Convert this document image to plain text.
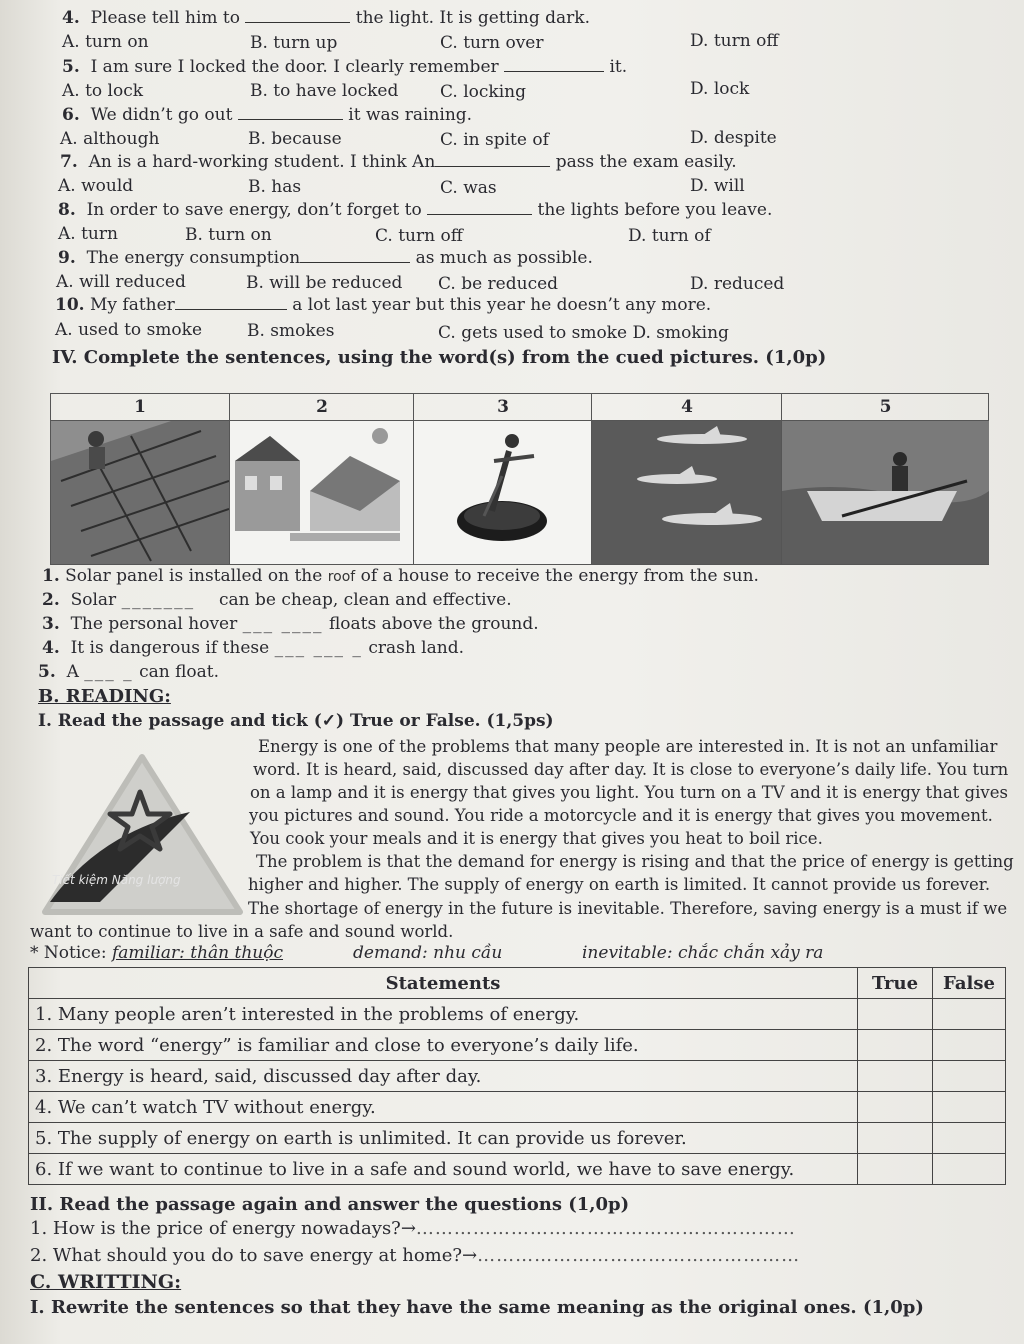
4. Please tell him to	the light. It is getting dark.
A. turn on	B. turn up	C. turn over	D. turn off
5. I am sure I locked the door. I clearly remember	it.
A. to lock	B. to have locked C. locking	D. lock
6. We didn’t go out	it was raining.
A. although	B. because	C. in spite of	D. despite
7. An is a hard-working student. I think An	pass the exam easily.
A. would	B. has	C. was	D. will
8. In order to save energy, don’t forget to	the lights before you leave.
A. turn	B. turn on	C. turn off	D. turn of
9. The energy consumption	as much as possible.
A. will reduced	B. will be reduced C. be reduced	D. reduced
10. My father	a lot last year but this year he doesn’t any more.
A. used to smoke	B. smokes	C. gets used to smoke D. smoking
IV. Complete the sentences, using the word(s) from the cued pictures. (1,0p)
1	2	3	4	5
1. Solar panel is installed on the roof of a house to receive the energy from the sun.
2. Solar _______ can be cheap, clean and effective.
3. The personal hover ___ ____ floats above the ground.
4. It is dangerous if these ___ ___ _ crash land.
5. A ___ _ can float.
B. READING:
I. Read the passage and tick (✓) True or False. (1,5ps)
Tiết kiệm Năng lượng
Energy is one of the problems that many people are interested in. It is not an unfamiliar
word. It is heard, said, discussed day after day. It is close to everyone’s daily life. You turn
on a lamp and it is energy that gives you light. You turn on a TV and it is energy that gives
you pictures and sound. You ride a motorcycle and it is energy that gives you movement.
You cook your meals and it is energy that gives you heat to boil rice.
The problem is that the demand for energy is rising and that the price of energy is getting
higher and higher. The supply of energy on earth is limited. It cannot provide us forever.
The shortage of energy in the future is inevitable. Therefore, saving energy is a must if we
want to continue to live in a safe and sound world.
* Notice: familiar: thân thuộc	demand: nhu cầu	inevitable: chắc chắn xảy ra
Statements	True	False
1. Many people aren’t interested in the problems of energy.		
2. The word “energy” is familiar and close to everyone’s daily life.		
3. Energy is heard, said, discussed day after day.		
4. We can’t watch TV without energy.		
5. The supply of energy on earth is unlimited. It can provide us forever.		
6. If we want to continue to live in a safe and sound world, we have to save energy.		
II. Read the passage again and answer the questions (1,0p)
1. How is the price of energy nowadays?→……………………………………………………
2. What should you do to save energy at home?→……………………………………………
C. WRITTING:
I. Rewrite the sentences so that they have the same meaning as the original ones. (1,0p)
